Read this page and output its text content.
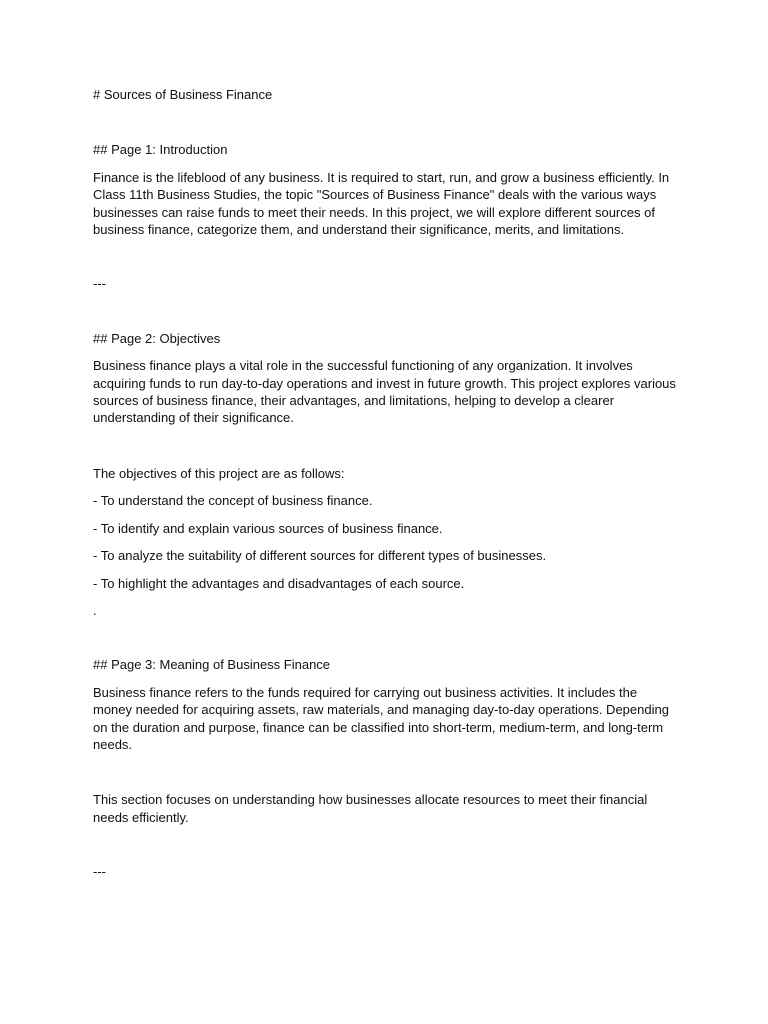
# Sources of Business Finance

## Page 1: Introduction

Finance is the lifeblood of any business. It is required to start, run, and grow a business efficiently. In Class 11th Business Studies, the topic "Sources of Business Finance" deals with the various ways businesses can raise funds to meet their needs. In this project, we will explore different sources of business finance, categorize them, and understand their significance, merits, and limitations.

---

## Page 2: Objectives

Business finance plays a vital role in the successful functioning of any organization. It involves acquiring funds to run day-to-day operations and invest in future growth. This project explores various sources of business finance, their advantages, and limitations, helping to develop a clearer understanding of their significance.

The objectives of this project are as follows:

- To understand the concept of business finance.

- To identify and explain various sources of business finance.

- To analyze the suitability of different sources for different types of businesses.

- To highlight the advantages and disadvantages of each source.

.

## Page 3: Meaning of Business Finance

Business finance refers to the funds required for carrying out business activities. It includes the money needed for acquiring assets, raw materials, and managing day-to-day operations. Depending on the duration and purpose, finance can be classified into short-term, medium-term, and long-term needs.

This section focuses on understanding how businesses allocate resources to meet their financial needs efficiently.

---
